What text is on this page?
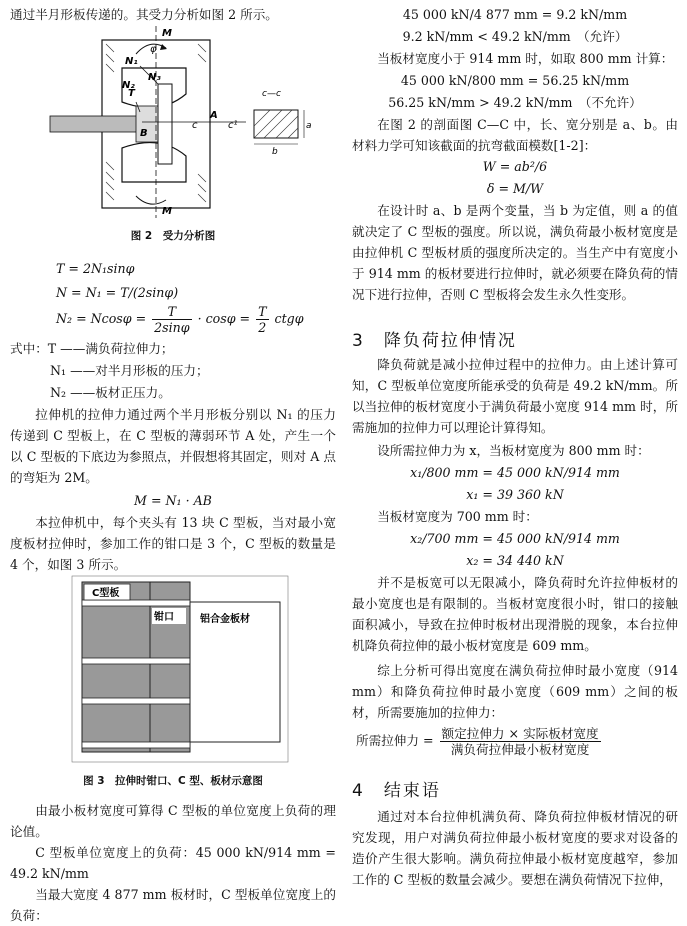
通过半月形板传递的。其受力分析如图 2 所示。

M
M
φ
N₁
N₂
N₃
T
B
c	c¹
A
c—c
a
b
图 2　受力分析图

T = 2N₁sinφ

N = N₁ = T/(2sinφ)

$N_2 = Ncos\varphi = \frac{T}{2\sin\varphi} \cdot \cos\varphi = \frac{T}{2}$ ctgφ

式中：T ——满负荷拉伸力；

N₁ ——对半月形板的压力；

N₂ ——板材正压力。

拉伸机的拉伸力通过两个半月形板分别以 N₁ 的压力传递到 C 型板上，在 C 型板的薄弱环节 A 处，产生一个以 C 型板的下底边为参照点，并假想将其固定，则对 A 点的弯矩为 2M。

M = N₁ · AB

本拉伸机中，每个夹头有 13 块 C 型板，当对最小宽度板材拉伸时，参加工作的钳口是 3 个，C 型板的数量是 4 个，如图 3 所示。

C型板
钳口	铝合金板材
图 3　拉伸时钳口、C 型、板材示意图

由最小板材宽度可算得 C 型板的单位宽度上负荷的理论值。

C 型板单位宽度上的负荷：45 000 kN/914 mm = 49.2 kN/mm

当最大宽度 4 877 mm 板材时，C 型板单位宽度上的负荷：

45 000 kN/4 877 mm = 9.2 kN/mm

9.2 kN/mm < 49.2 kN/mm　（允许）

当板材宽度小于 914 mm 时，如取 800 mm 计算：

45 000 kN/800 mm = 56.25 kN/mm

56.25 kN/mm > 49.2 kN/mm　（不允许）

在图 2 的剖面图 C—C 中，长、宽分别是 a、b。由材料力学可知该截面的抗弯截面模数[1-2]：

W = ab²/6

δ = M/W

在设计时 a、b 是两个变量，当 b 为定值，则 a 的值就决定了 C 型板的强度。所以说，满负荷最小板材宽度是由拉伸机 C 型板材质的强度所决定的。当生产中有宽度小于 914 mm 的板材要进行拉伸时，就必须要在降负荷的情况下进行拉伸，否则 C 型板将会发生永久性变形。

3　降负荷拉伸情况

降负荷就是减小拉伸过程中的拉伸力。由上述计算可知，C 型板单位宽度所能承受的负荷是 49.2 kN/mm。所以当拉伸的板材宽度小于满负荷最小宽度 914 mm 时，所需施加的拉伸力可以理论计算得知。

设所需拉伸力为 x，当板材宽度为 800 mm 时：

x₁/800 mm = 45 000 kN/914 mm

x₁ = 39 360 kN

当板材宽度为 700 mm 时：

x₂/700 mm = 45 000 kN/914 mm

x₂ = 34 440 kN

并不是板宽可以无限减小，降负荷时允许拉伸板材的最小宽度也是有限制的。当板材宽度很小时，钳口的接触面积减小，导致在拉伸时板材出现滑脱的现象，本台拉伸机降负荷拉伸的最小板材宽度是 609 mm。

综上分析可得出宽度在满负荷拉伸时最小宽度（914 mm）和降负荷拉伸时最小宽度（609 mm）之间的板材，所需要施加的拉伸力：

所需拉伸力 = $\frac{\text{额定拉伸力 × 实际板材宽度}}{\text{满负荷拉伸最小板材宽度}}$
4　结束语

通过对本台拉伸机满负荷、降负荷拉伸板材情况的研究发现，用户对满负荷拉伸最小板材宽度的要求对设备的造价产生很大影响。满负荷拉伸最小板材宽度越窄，参加工作的 C 型板的数量会减少。要想在满负荷情况下拉伸，
